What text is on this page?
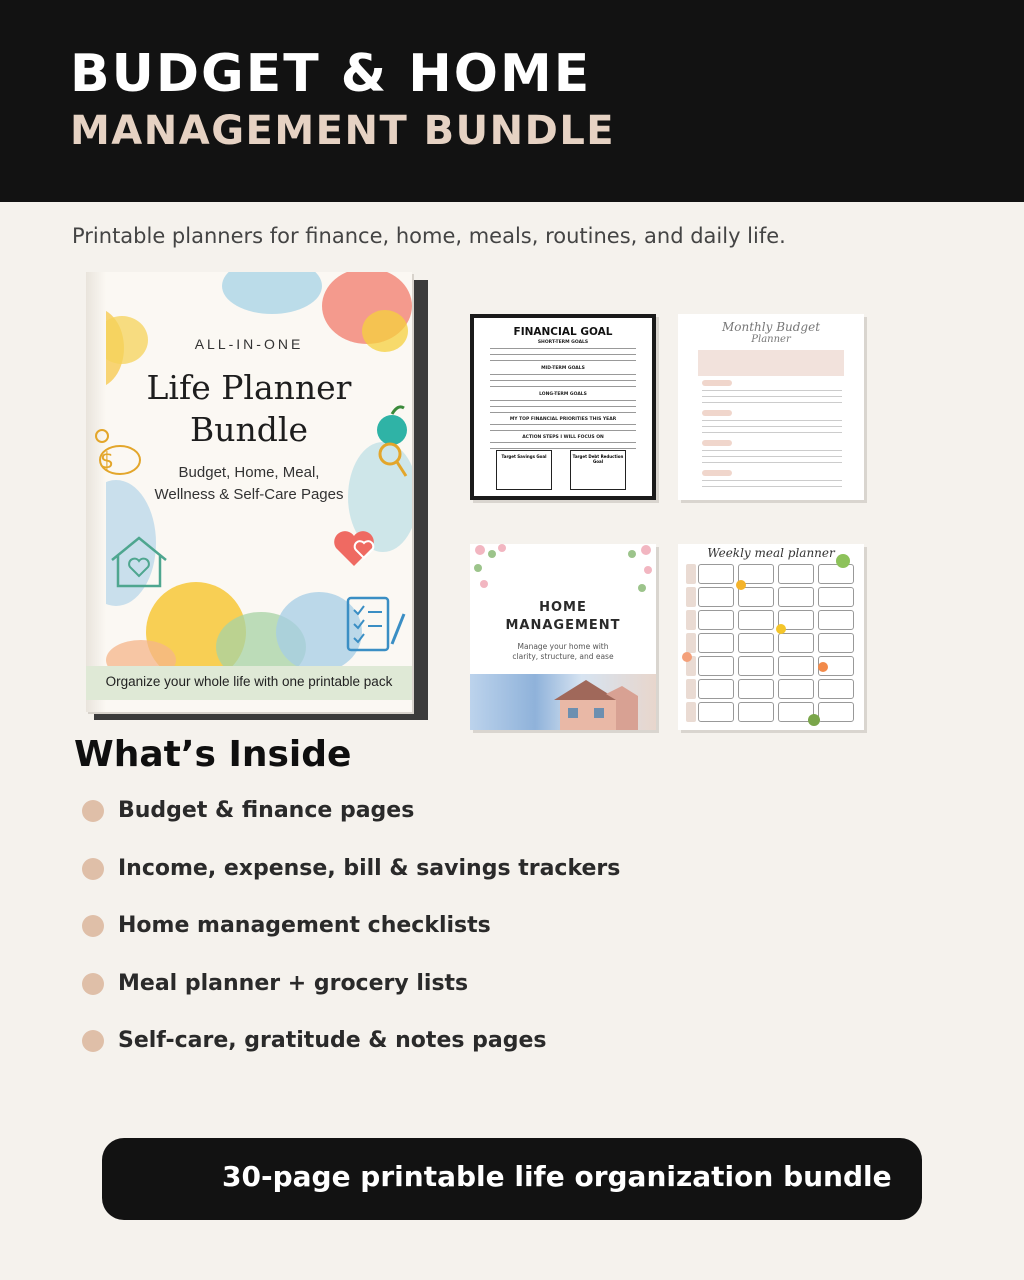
BUDGET & HOME
MANAGEMENT BUNDLE
Printable planners for finance, home, meals, routines, and daily life.
$
ALL-IN-ONE
Life Planner
Bundle
Budget, Home, Meal,
Wellness & Self-Care Pages
Organize your whole life with one printable pack
FINANCIAL GOAL
SHORT-TERM GOALS
MID-TERM GOALS
LONG-TERM GOALS
MY TOP FINANCIAL PRIORITIES THIS YEAR
ACTION STEPS I WILL FOCUS ON
Target Savings Goal	Target Debt Reduction Goal
Monthly Budget
Planner
HOME
MANAGEMENT
Manage your home with
clarity, structure, and ease
Weekly meal planner
What’s Inside
Budget & finance pages
Income, expense, bill & savings trackers
Home management checklists
Meal planner + grocery lists
Self-care, gratitude & notes pages
30-page printable life organization bundle
